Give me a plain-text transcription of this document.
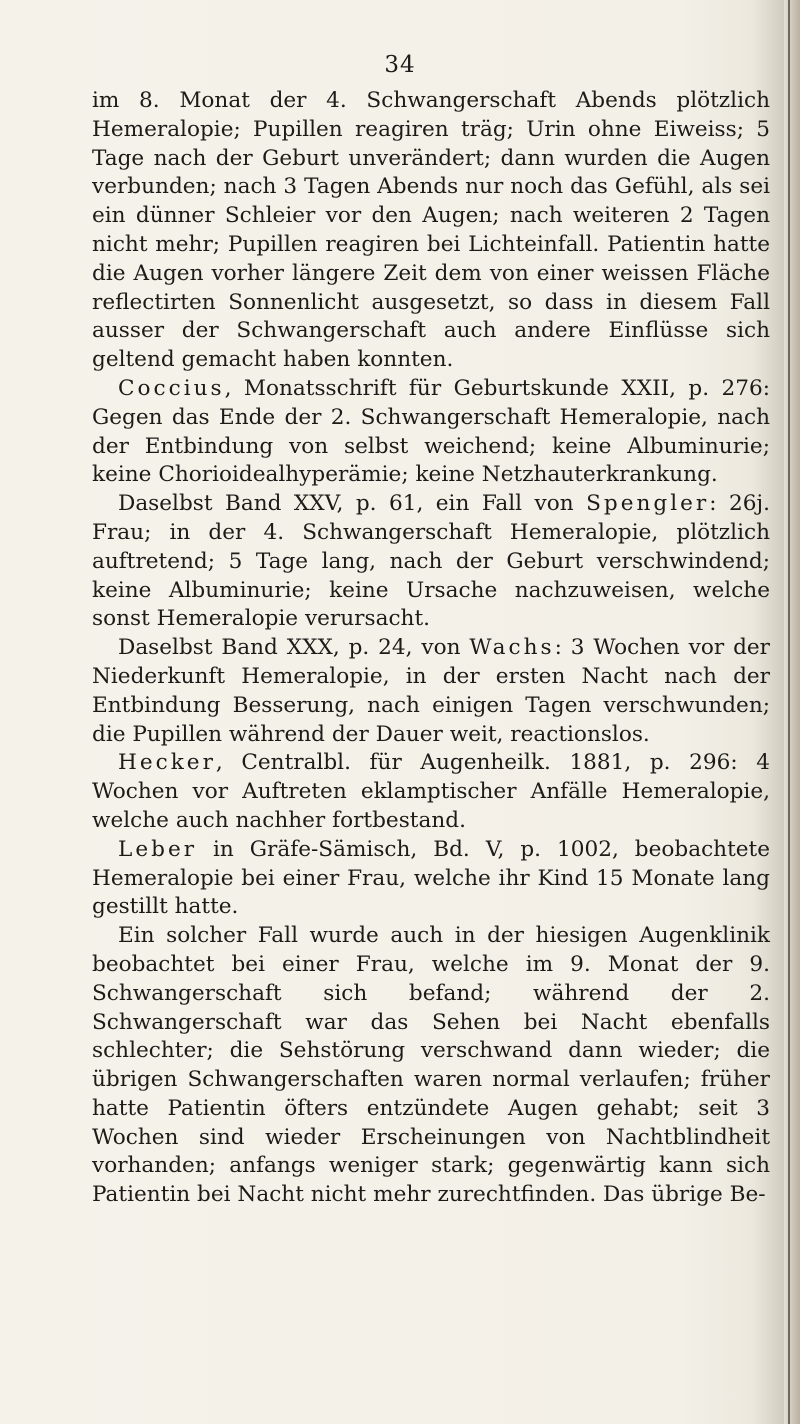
34

im 8. Monat der 4. Schwangerschaft Abends plötzlich Hemeralopie; Pupillen reagiren träg; Urin ohne Eiweiss; 5 Tage nach der Geburt unverändert; dann wurden die Augen verbunden; nach 3 Tagen Abends nur noch das Gefühl, als sei ein dünner Schleier vor den Augen; nach weiteren 2 Tagen nicht mehr; Pupillen reagiren bei Lichteinfall. Patientin hatte die Augen vorher längere Zeit dem von einer weissen Fläche reflectirten Sonnenlicht ausgesetzt, so dass in diesem Fall ausser der Schwangerschaft auch andere Einflüsse sich geltend gemacht haben konnten.

Coccius, Monatsschrift für Geburtskunde XXII, p. 276: Gegen das Ende der 2. Schwangerschaft Hemeralopie, nach der Entbindung von selbst weichend; keine Albuminurie; keine Chorioidealhyperämie; keine Netzhauterkrankung.

Daselbst Band XXV, p. 61, ein Fall von Spengler: 26j. Frau; in der 4. Schwangerschaft Hemeralopie, plötzlich auftretend; 5 Tage lang, nach der Geburt verschwindend; keine Albuminurie; keine Ursache nachzuweisen, welche sonst Hemeralopie verursacht.

Daselbst Band XXX, p. 24, von Wachs: 3 Wochen vor der Niederkunft Hemeralopie, in der ersten Nacht nach der Entbindung Besserung, nach einigen Tagen verschwunden; die Pupillen während der Dauer weit, reactionslos.

Hecker, Centralbl. für Augenheilk. 1881, p. 296: 4 Wochen vor Auftreten eklamptischer Anfälle Hemeralopie, welche auch nachher fortbestand.

Leber in Gräfe-Sämisch, Bd. V, p. 1002, beobachtete Hemeralopie bei einer Frau, welche ihr Kind 15 Monate lang gestillt hatte.

Ein solcher Fall wurde auch in der hiesigen Augenklinik beobachtet bei einer Frau, welche im 9. Monat der 9. Schwangerschaft sich befand; während der 2. Schwangerschaft war das Sehen bei Nacht ebenfalls schlechter; die Sehstörung verschwand dann wieder; die übrigen Schwangerschaften waren normal verlaufen; früher hatte Patientin öfters entzündete Augen gehabt; seit 3 Wochen sind wieder Erscheinungen von Nachtblindheit vorhanden; anfangs weniger stark; gegenwärtig kann sich Patientin bei Nacht nicht mehr zurechtfinden. Das übrige Be-
